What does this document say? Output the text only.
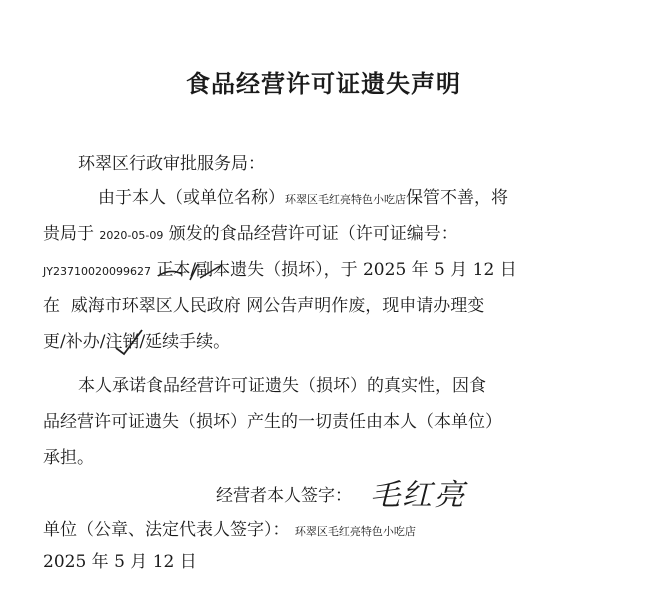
食品经营许可证遗失声明
环翠区行政审批服务局：
由于本人（或单位名称）环翠区毛红亮特色小吃店保管不善，将
贵局于 2020-05-09 颁发的食品经营许可证（许可证编号：
JY23710020099627 正本/副本遗失（损坏），于 2025 年 5 月 12 日
在 威海市环翠区人民政府 网公告声明作废，现申请办理变
更/补办/注销/延续手续。
本人承诺食品经营许可证遗失（损坏）的真实性，因食
品经营许可证遗失（损坏）产生的一切责任由本人（本单位）
承担。
经营者本人签字： 毛红亮
单位（公章、法定代表人签字）： 环翠区毛红亮特色小吃店
2025 年 5 月 12 日
